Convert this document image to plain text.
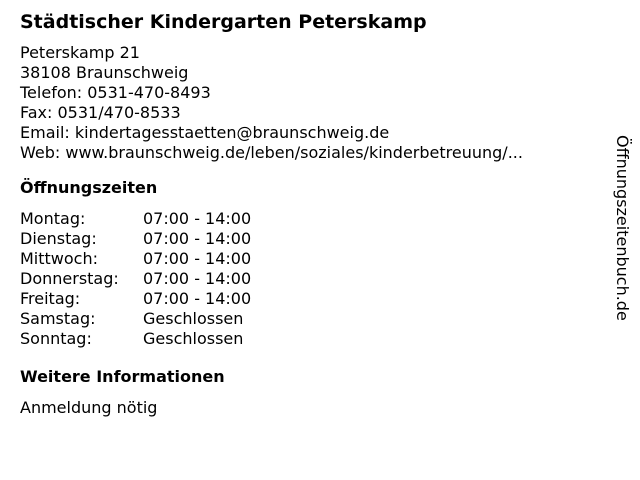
Städtischer Kindergarten Peterskamp
Peterskamp 21
38108 Braunschweig
Telefon: 0531-470-8493
Fax: 0531/470-8533
Email: kindertagesstaetten@braunschweig.de
Web: www.braunschweig.de/leben/soziales/kinderbetreuung/...
Öffnungszeiten
Montag:	07:00 - 14:00
Dienstag:	07:00 - 14:00
Mittwoch:	07:00 - 14:00
Donnerstag:	07:00 - 14:00
Freitag:	07:00 - 14:00
Samstag:	Geschlossen
Sonntag:	Geschlossen
Weitere Informationen
Anmeldung nötig
Öffnungszeitenbuch.de
